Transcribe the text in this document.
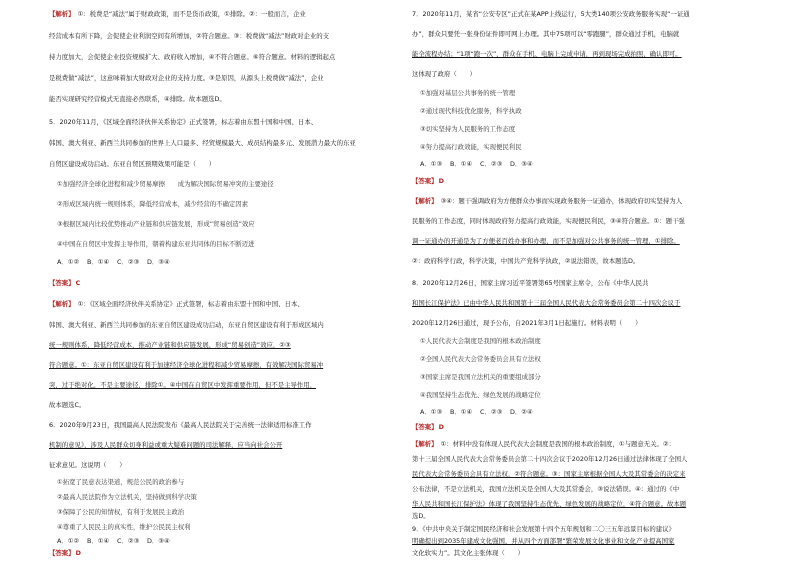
【解析】 ①：税费是“减法”属于财政政策，而不是货币政策，①排除。②：一般而言，企业
经营成本有所下降，会促使企业利润空间有所增加，②符合题意。③：税费做“减法”财政对企业的支
持力度加大，会促使企业投资规模扩大、政府收入增加，④不符合题意。⑥符合题意。材料的逻辑起点
是税费做“减法”，这意味着加大财政对企业的支持力度。③是原因，从源头上税费做“减法”，企业
能否实现研究经营模式无直接必然联系，④排除。故本题选D。
5．2020年11月，《区域全面经济伙伴关系协定》正式签署，标志着由东盟十国和中国、日本、
韩国、澳大利亚、新西兰共同参加的世界上人口最多、经贸规模最大、成员结构最多元、发展潜力最大的东亚
自贸区建设成功启动。东亚自贸区预期效果可能是（　　）
①加强经济全球化进程和减少贸易摩擦　　成为解决国际贸易冲突的主要途径
②形成区域内统一规则体系，降低经营成本，减少经营的不确定因素
③根据区域内比较优势推动产业链和供应链发展，形成“贸易创造”效应
④中国在自贸区中发挥主导作用，朝着构建东亚共同体的目标不断迈进
A．①② B．①④ C．②③ D．③④
【答案】C
【解析】 ①：《区域全面经济伙伴关系协定》正式签署，标志着由东盟十国和中国、日本、
韩国、澳大利亚、新西兰共同参加的东亚自贸区建设成功启动，东亚自贸区建设有利于形成区域内
统一规则体系，降低经营成本，推动产业链和供应链发展，形成“贸易创造”效应，②③
符合题意。①：东亚自贸区建设有利于加速经济全球化进程和减少贸易摩擦，有效解决国际贸易冲
突，过于绝对化，不是主要途径，排除①。④中国在自贸区中发挥重要作用，但不是主导作用，
故本题选C。
6．2020年9月23日，我国最高人民法院发布《最高人民法院关于完善统一法律适用标准工作
机制的意见》，涉及人民群众切身利益或重大疑难问题的司法解释，应当向社会公开
征求意见。这说明（　　）
①拓宽了民意表达渠道，规范公民的政治参与
②最高人民法院作为立法机关，坚持做到科学决策
③保障了公民的知情权，有利于发展民主政治
④尊重了人民民主的真实性，维护公民民主权利
A．①② B．①④ C．②③ D．③④
【答案】D
7．2020年11月，某省“公安专区”正式在某APP上线运行，5大类140项公安政务服务实现“一证通
办”，群众只要凭一张身份证件即可网上办理。其中75项可以“零跑腿”，群众通过手机，电脑就
能全流程办结；“1项“跑一次”，群众在手机、电脑上完成申请，再到现场完成拍照、确认即可。
这体现了政府（　　）
①加强对基层公共事务的统一管理
②通过现代科技优化服务，科学执政
③切实坚持为人民服务的工作态度
④努力提高行政效能，实现便民利民
A．①③ B．①④ C．②③ D．③④
【答案】D
【解析】 ③④：题干强调政府为方便群众办事而实现政务服务一证通办，体现政府切实坚持为人
民服务的工作态度，同时体现政府努力提高行政效能，实现便民利民，③④符合题意。①：题干强
调一证通办的开通是为了方便老百姓办事和办理，而不是加强对公共事务的统一管理，①排除。
②：政府科学行政，科学决策，中国共产党科学执政，②说法错误，故本题选D。
8．2020年12月26日，国家主席习近平签署第65号国家主席令，公布《中华人民共
和国长江保护法》已由中华人民共和国第十三届全国人民代表大会常务委员会第二十四次会议于
2020年12月26日通过，现予公布，自2021年3月1日起施行。材料表明（　　）
①人民代表大会制度是我国的根本政治制度
②全国人民代表大会常务委员会具有立法权
③国家主席是我国立法机关的重要组成部分
④我国坚持生态优先、绿色发展的战略定位
A．①③ B．①④ C．②③ D．②④
【答案】D
【解析】 ①：材料中没有体现人民代表大会制度是我国的根本政治制度，①与题意无关。②：
第十三届全国人民代表大会常务委员会第二十四次会议于2020年12月26日通过法律体现了全国人
民代表大会常务委员会具有立法权，②符合题意。③：国家主席根据全国人大及其常委会的决定来
公布法律，不是立法机关，我国立法机关是全国人大及其常委会，③说法错误。④：通过的《中
华人民共和国长江保护法》体现了我国坚持生态优先、绿色发展的战略定位，④符合题意。故本题
选D。
9．《中共中央关于制定国民经济和社会发展第十四个五年规划和二〇三五年远景目标的建议》
明确提出到2035年建成文化强国，并从四个方面部署“繁荣发展文化事业和文化产业提高国家
文化软实力”。其文化主张体现（　　）
